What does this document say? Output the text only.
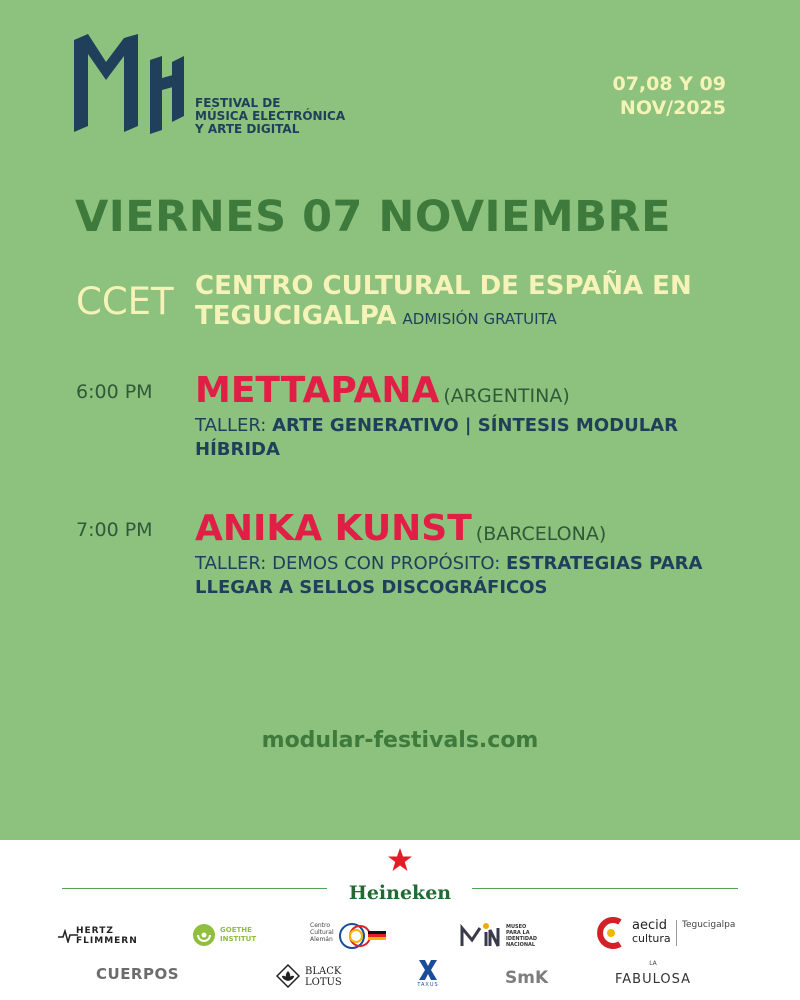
FESTIVAL DE
MÚSICA ELECTRÓNICA
Y ARTE DIGITAL
07,08 Y 09
NOV/2025
VIERNES 07 NOVIEMBRE
CCET CENTRO CULTURAL DE ESPAÑA EN TEGUCIGALPA ADMISIÓN GRATUITA
6:00 PM METTAPANA (ARGENTINA)
TALLER: ARTE GENERATIVO | SÍNTESIS MODULAR HÍBRIDA
7:00 PM ANIKA KUNST (BARCELONA)
TALLER: DEMOS CON PROPÓSITO: ESTRATEGIAS PARA LLEGAR A SELLOS DISCOGRÁFICOS
modular-festivals.com
Heineken
HERTZ
FLIMMERN
GOETHE
INSTITUT
Centro
Cultural
Alemán
MUSEO
PARA LA
IDENTIDAD
NACIONAL
aecid
cultura
Tegucigalpa
CUERPOS	BLACK
LOTUS	TAXUS	SmK
LA
FABULOSA
